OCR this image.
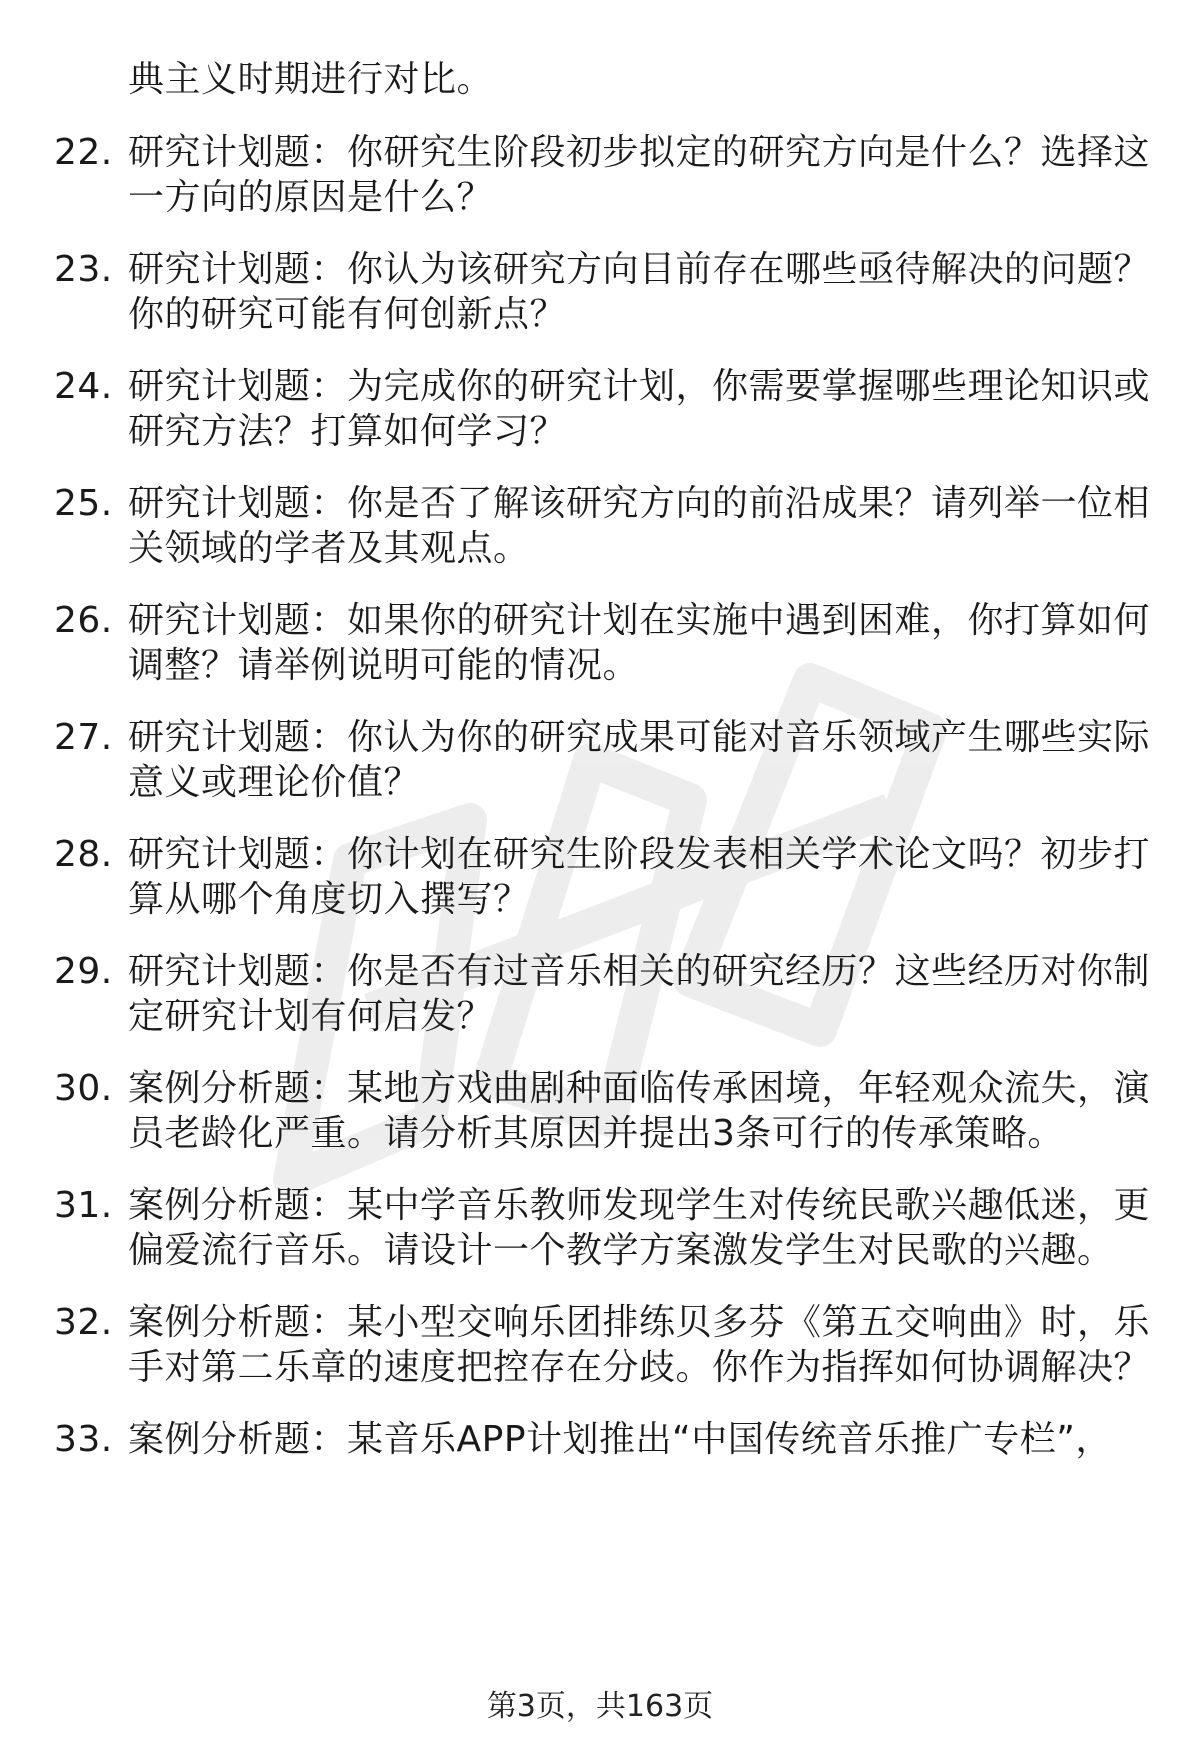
典主义时期进行对比。
22. 研究计划题：你研究生阶段初步拟定的研究方向是什么？选择这
一方向的原因是什么？
23. 研究计划题：你认为该研究方向目前存在哪些亟待解决的问题？
你的研究可能有何创新点？
24. 研究计划题：为完成你的研究计划，你需要掌握哪些理论知识或
研究方法？打算如何学习？
25. 研究计划题：你是否了解该研究方向的前沿成果？请列举一位相
关领域的学者及其观点。
26. 研究计划题：如果你的研究计划在实施中遇到困难，你打算如何
调整？请举例说明可能的情况。
27. 研究计划题：你认为你的研究成果可能对音乐领域产生哪些实际
意义或理论价值？
28. 研究计划题：你计划在研究生阶段发表相关学术论文吗？初步打
算从哪个角度切入撰写？
29. 研究计划题：你是否有过音乐相关的研究经历？这些经历对你制
定研究计划有何启发？
30. 案例分析题：某地方戏曲剧种面临传承困境，年轻观众流失，演
员老龄化严重。请分析其原因并提出3条可行的传承策略。
31. 案例分析题：某中学音乐教师发现学生对传统民歌兴趣低迷，更
偏爱流行音乐。请设计一个教学方案激发学生对民歌的兴趣。
32. 案例分析题：某小型交响乐团排练贝多芬《第五交响曲》时，乐
手对第二乐章的速度把控存在分歧。你作为指挥如何协调解决？
33. 案例分析题：某音乐APP计划推出“中国传统音乐推广专栏”，
第3页，共163页
